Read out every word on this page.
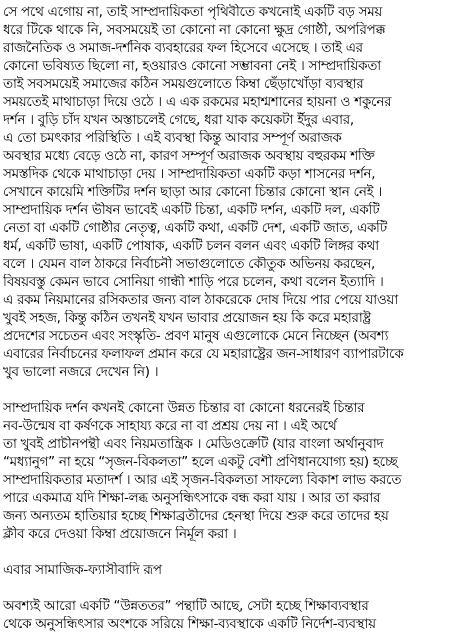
সে পথে এগোয় না, তাই সাম্প্রদায়িকতা পৃথিবীতে কখনোই একটি বড় সময়
ধরে টিকে থাকে নি, সবসময়েই তা কোনো না কোনো ক্ষুদ্র গোষ্ঠী, অপরিপক্ক
রাজনৈতিক ও সমাজ-দর্শনিক ব্যবহারের ফল হিসেবে এসেছে । তাই এর
কোনো ভবিষ্যত ছিলো না, হওয়ারও কোনো সম্ভাবনা নেই । সাম্প্রদায়িকতা
তাই সবসময়েই সমাজের কঠিন সময়গুলোতে কিম্বা ছেঁড়াখোঁড়া ব্যবস্থার
সময়তেই মাথাচাড়া দিয়ে ওঠে । এ এক রকমের মহাশ্মশানের হায়না ও শকুনের
দর্শন । বুড়ি চাঁদ যখন অস্তাচলেই গেছে, ধরা যাক কয়েকটা ইঁদুর এবার,
এ তো চমৎকার পরিস্থিতি । এই ব্যবস্থা কিন্তু আবার সম্পূর্ণ অরাজক
অবস্থার মধ্যে বেড়ে ওঠে না, কারণ সম্পূর্ণ অরাজক অবস্থায় বহুরকম শক্তি
সমস্তদিক থেকে মাথাচাড়া দেয় । সাম্প্রদায়িকতা একটি কড়া শাসনের দর্শন,
সেখানে কায়েমি শক্তিটির দর্শন ছাড়া আর কোনো চিন্তার কোনো স্থান নেই ।
সাম্প্রদায়িক দর্শন ভীষন ভাবেই একটি চিন্তা, একটি দর্শন, একটি দল, একটি
নেতা বা একটি গোষ্ঠীর নেতৃত্ব, একটি কথা, একটি দেশ, একটি জাত, একটি
ধর্ম, একটি ভাষা, একটি পোষাক, একটি চলন বলন এবং একটি লিঙ্গর কথা
বলে । যেমন বাল ঠাকরে নির্বাচনী সভাগুলোতে কৌতুক অভিনয় করছেন,
বিষয়বস্তু কেমন ভাবে সোনিয়া গান্ধী শাড়ি পরে চলেন, কথা বলেন ইত্যাদি ।
এ রকম নিয়মানের রসিকতার জন্য বাল ঠাকরেকে দোষ দিয়ে পার পেয়ে যাওয়া
খুবই সহজ, কিন্তু কঠিন তখনই যখন ভাবার প্রয়োজন হয় কি করে মহারাষ্ট্র
প্রদেশের সচেতন এবং সংস্কৃতি- প্রবণ মানুষ এগুলোকে মেনে নিচ্ছেন (অবশ্য
এবারের নির্বাচনের ফলাফল প্রমান করে যে মহারাষ্ট্রের জন-সাধারণ ব্যাপারটাকে
খুব ভালো নজরে দেখেন নি) ।
সাম্প্রদায়িক দর্শন কখনই কোনো উন্নত চিন্তার বা কোনো ধরনেরই চিন্তার
নব-উন্মেষ বা কর্ষণকে সাহায্য করে না বা প্রশ্রয় দেয় না । এই অর্থে
তা খুবই প্রাচীনপন্থী এবং নিয়মতান্ত্রিক । মেডিওক্রেটি (যার বাংলা অর্থানুবাদ
“মধ্যানুগ” না হয়ে “সৃজন-বিকলতা” হলে একটু বেশী প্রণিধানযোগ্য হয়) হচ্ছে
সাম্প্রদায়িকতার মতাদর্শ । আর এই সৃজন-বিকলতা সাফল্যে বিকাশ লাভ করতে
পারে একমাত্র যদি শিক্ষা-লব্ধ অনুসন্ধিৎসাকে বন্ধ করা যায় । আর তা করার
জন্য অন্যতম হাতিয়ার হচ্ছে শিক্ষাব্রতীদের হেনস্থা দিয়ে শুরু করে তাদের হয়
ক্লীব করে দেওয়া কিম্বা প্রয়োজনে নির্মূল করা ।
এবার সামাজিক-ফ্যাসীবাদি রূপ
অবশ্যই আরো একটি “উন্নততর” পন্থাটি আছে, সেটা হচ্ছে শিক্ষাব্যবস্থার
থেকে অনুসন্ধিৎসার অংশকে সরিয়ে শিক্ষা-ব্যবস্থাকে একটি নির্দেশ-ব্যবস্থায়
